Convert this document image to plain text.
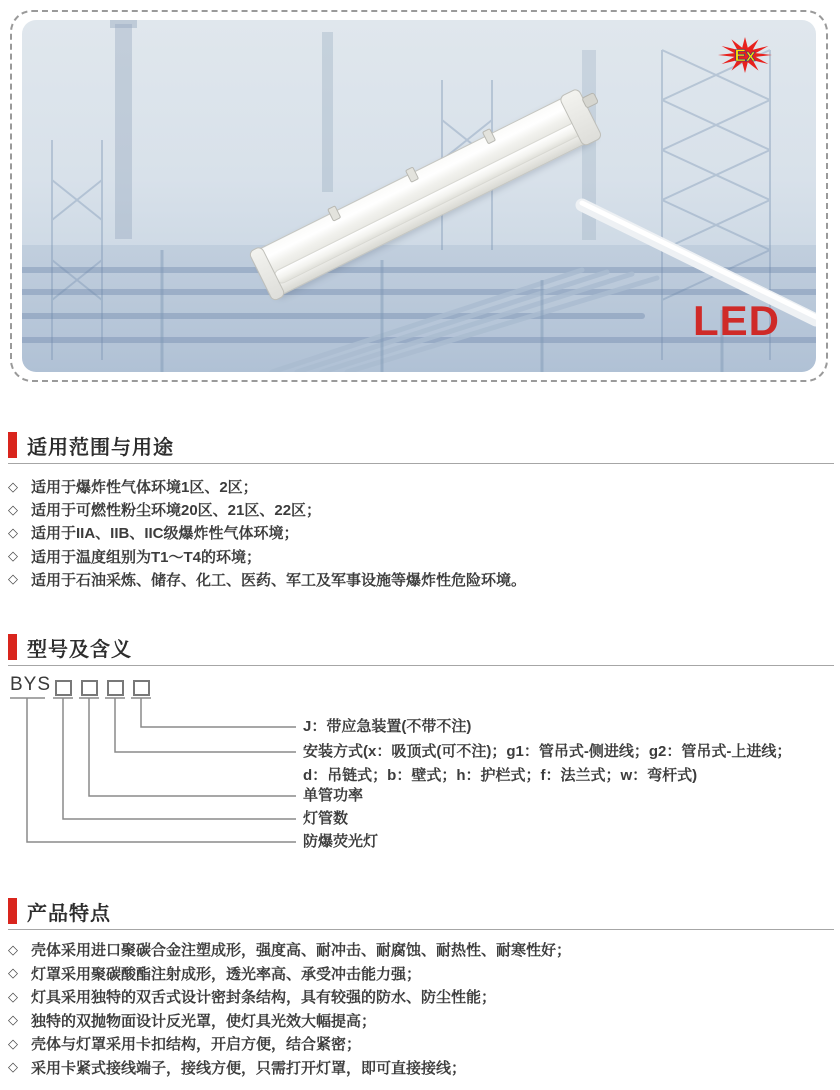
Ex
LED
适用范围与用途
◇ 适用于爆炸性气体环境1区、2区；
◇ 适用于可燃性粉尘环境20区、21区、22区；
◇ 适用于IIA、IIB、IIC级爆炸性气体环境；
◇ 适用于温度组别为T1～T4的环境；
◇ 适用于石油采炼、储存、化工、医药、军工及军事设施等爆炸性危险环境。
型号及含义
BYS
J：带应急装置(不带不注)
安装方式(x：吸顶式(可不注)；g1：管吊式-侧进线；g2：管吊式-上进线；
d：吊链式；b：壁式；h：护栏式；f：法兰式；w：弯杆式)
单管功率
灯管数
防爆荧光灯
产品特点
◇ 壳体采用进口聚碳合金注塑成形，强度高、耐冲击、耐腐蚀、耐热性、耐寒性好；
◇ 灯罩采用聚碳酸酯注射成形，透光率高、承受冲击能力强；
◇ 灯具采用独特的双舌式设计密封条结构，具有较强的防水、防尘性能；
◇ 独特的双抛物面设计反光罩，使灯具光效大幅提高；
◇ 壳体与灯罩采用卡扣结构，开启方便，结合紧密；
◇ 采用卡紧式接线端子，接线方便，只需打开灯罩，即可直接接线；
